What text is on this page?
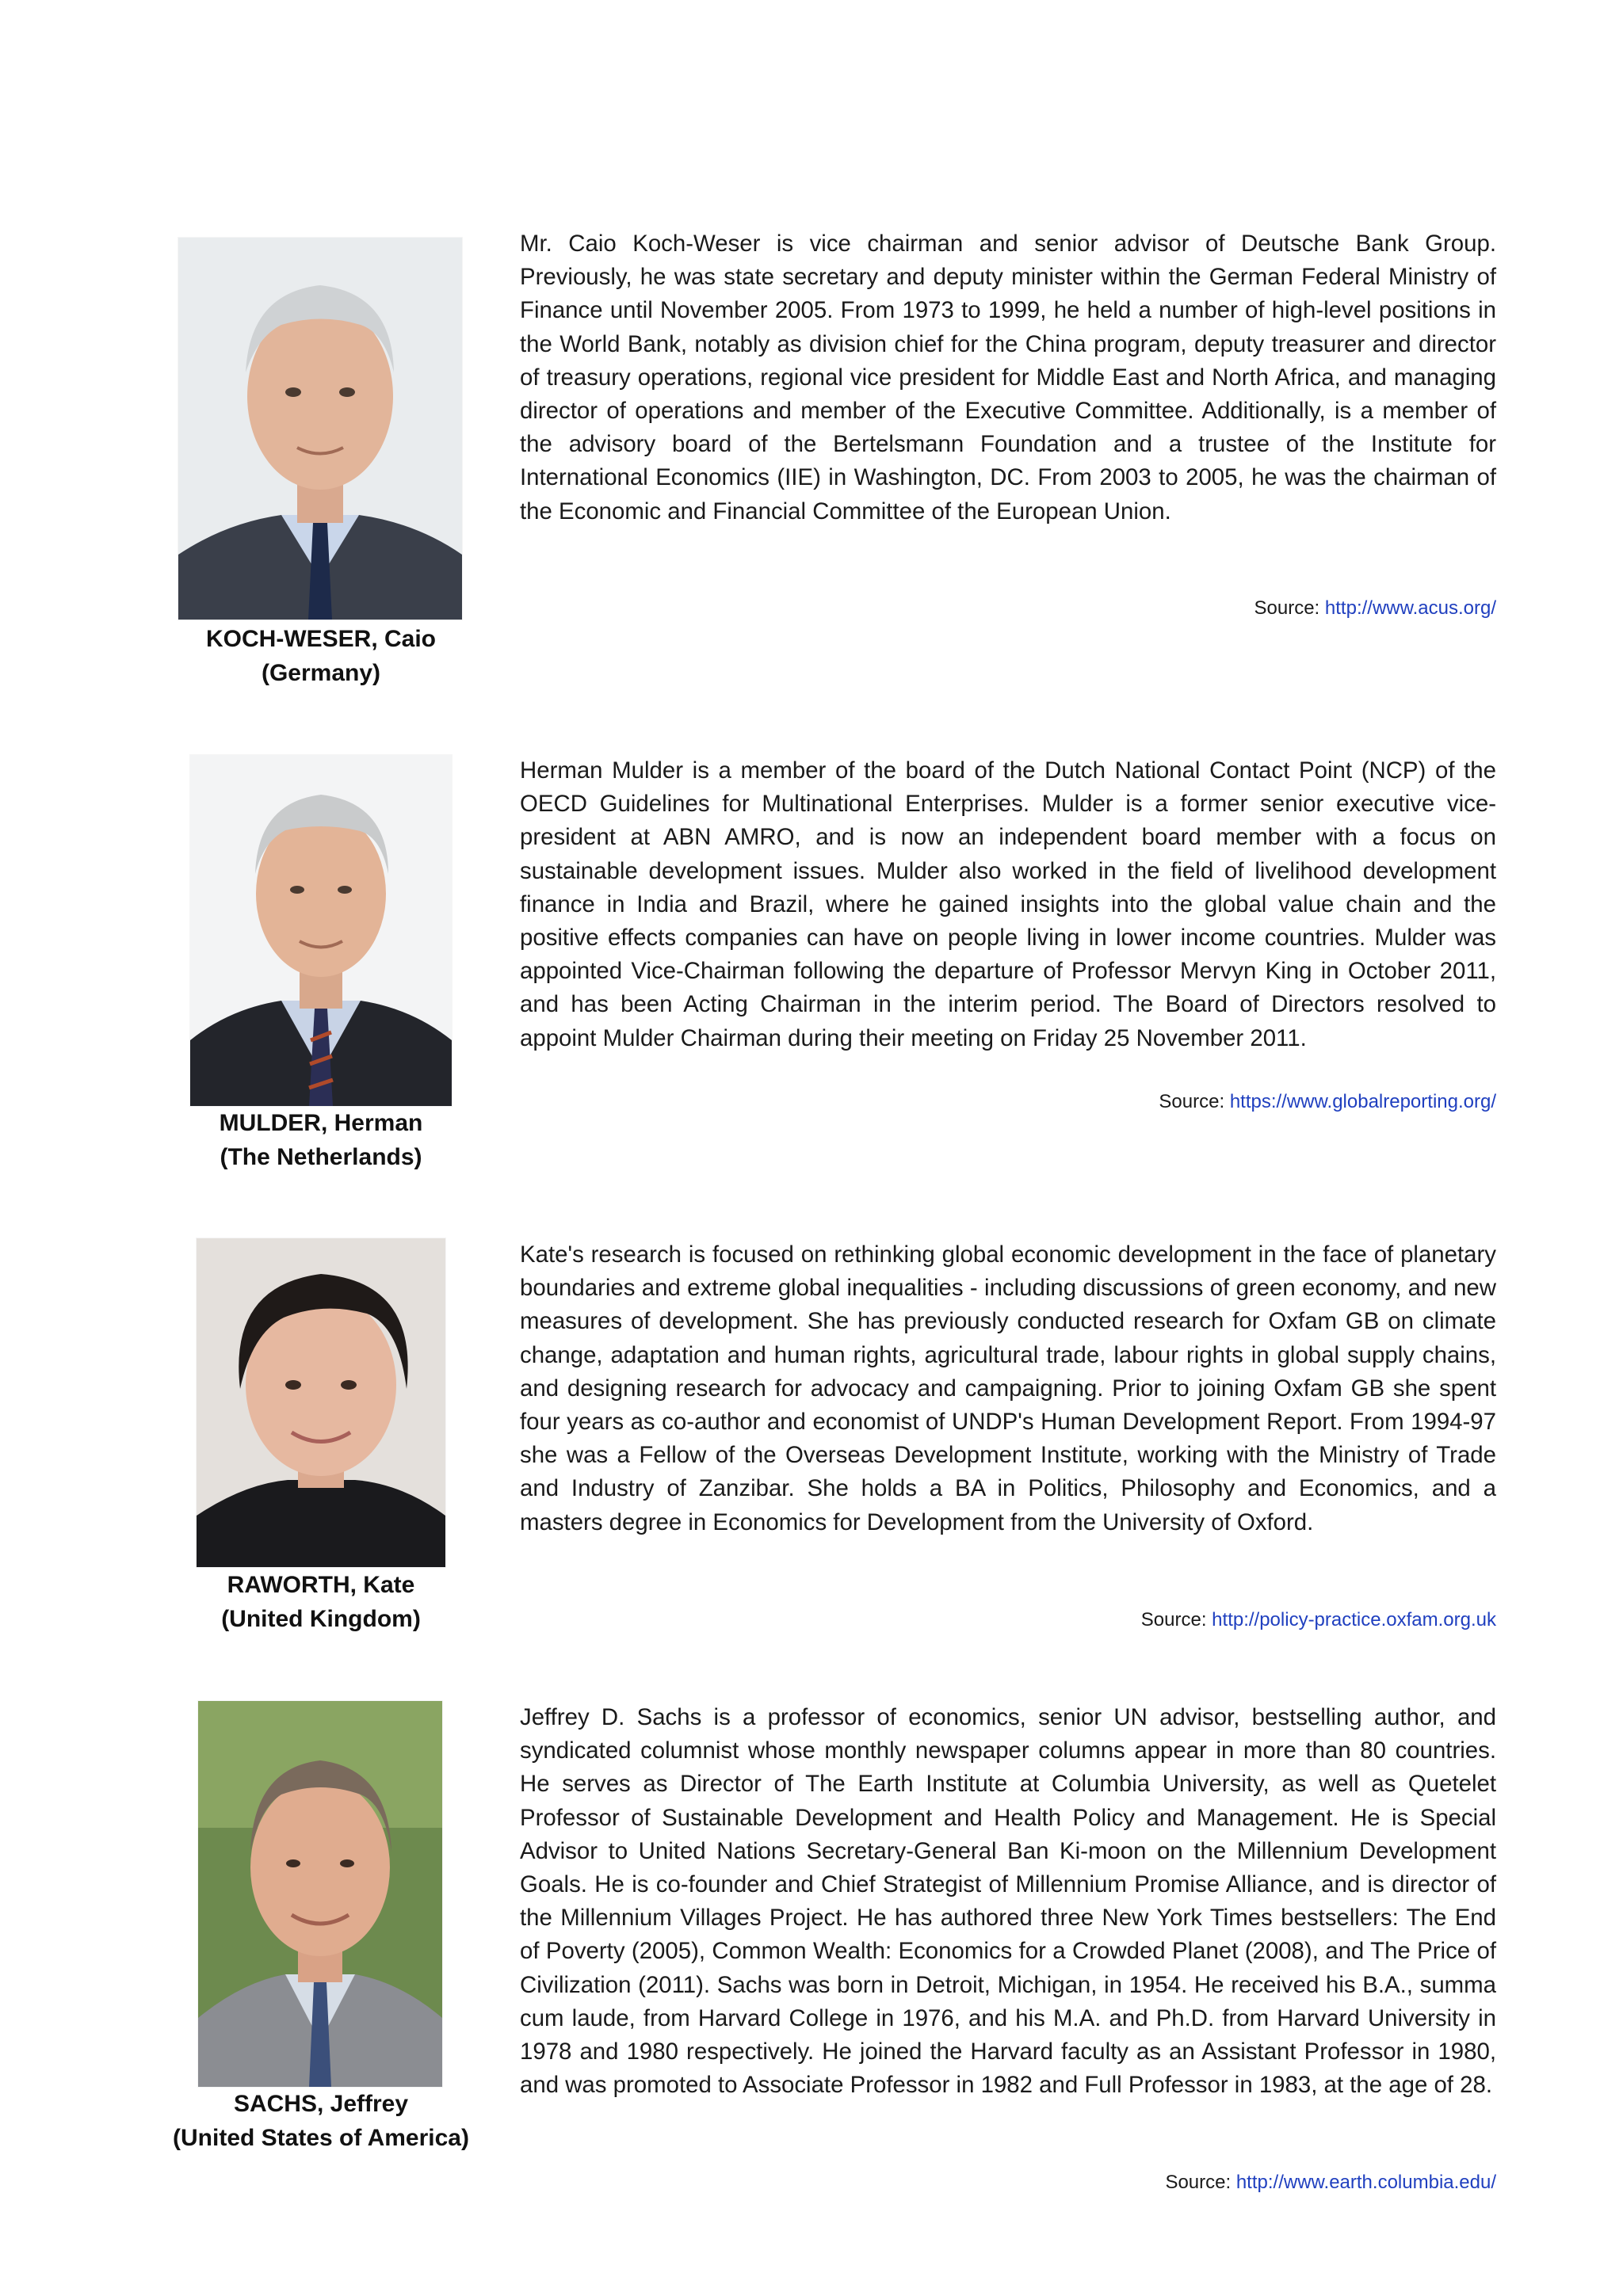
KOCH-WESER, Caio
(Germany)

Mr. Caio Koch-Weser is vice chairman and senior advisor of Deutsche Bank Group. Previously, he was state secretary and deputy minister within the German Federal Ministry of Finance until November 2005. From 1973 to 1999, he held a number of high-level positions in the World Bank, notably as division chief for the China program, deputy treasurer and director of treasury operations, regional vice president for Middle East and North Africa, and managing director of operations and member of the Executive Committee. Additionally, is a member of the advisory board of the Bertelsmann Foundation and a trustee of the Institute for International Economics (IIE) in Washington, DC. From 2003 to 2005, he was the chairman of the Economic and Financial Committee of the European Union.

Source: http://www.acus.org/
MULDER, Herman
(The Netherlands)

Herman Mulder is a member of the board of the Dutch National Contact Point (NCP) of the OECD Guidelines for Multinational Enterprises. Mulder is a former senior executive vice-president at ABN AMRO, and is now an independent board member with a focus on sustainable development issues. Mulder also worked in the field of livelihood development finance in India and Brazil, where he gained insights into the global value chain and the positive effects companies can have on people living in lower income countries. Mulder was appointed Vice-Chairman following the departure of Professor Mervyn King in October 2011, and has been Acting Chairman in the interim period. The Board of Directors resolved to appoint Mulder Chairman during their meeting on Friday 25 November 2011.

Source: https://www.globalreporting.org/
RAWORTH, Kate
(United Kingdom)

Kate's research is focused on rethinking global economic development in the face of planetary boundaries and extreme global inequalities - including discussions of green economy, and new measures of development. She has previously conducted research for Oxfam GB on climate change, adaptation and human rights, agricultural trade, labour rights in global supply chains, and designing research for advocacy and campaigning. Prior to joining Oxfam GB she spent four years as co-author and economist of UNDP's Human Development Report. From 1994-97 she was a Fellow of the Overseas Development Institute, working with the Ministry of Trade and Industry of Zanzibar. She holds a BA in Politics, Philosophy and Economics, and a masters degree in Economics for Development from the University of Oxford.

Source: http://policy-practice.oxfam.org.uk
SACHS, Jeffrey
(United States of America)

Jeffrey D. Sachs is a professor of economics, senior UN advisor, bestselling author, and syndicated columnist whose monthly newspaper columns appear in more than 80 countries. He serves as Director of The Earth Institute at Columbia University, as well as Quetelet Professor of Sustainable Development and Health Policy and Management. He is Special Advisor to United Nations Secretary-General Ban Ki-moon on the Millennium Development Goals. He is co-founder and Chief Strategist of Millennium Promise Alliance, and is director of the Millennium Villages Project. He has authored three New York Times bestsellers: The End of Poverty (2005), Common Wealth: Economics for a Crowded Planet (2008), and The Price of Civilization (2011). Sachs was born in Detroit, Michigan, in 1954. He received his B.A., summa cum laude, from Harvard College in 1976, and his M.A. and Ph.D. from Harvard University in 1978 and 1980 respectively. He joined the Harvard faculty as an Assistant Professor in 1980, and was promoted to Associate Professor in 1982 and Full Professor in 1983, at the age of 28.

Source: http://www.earth.columbia.edu/
